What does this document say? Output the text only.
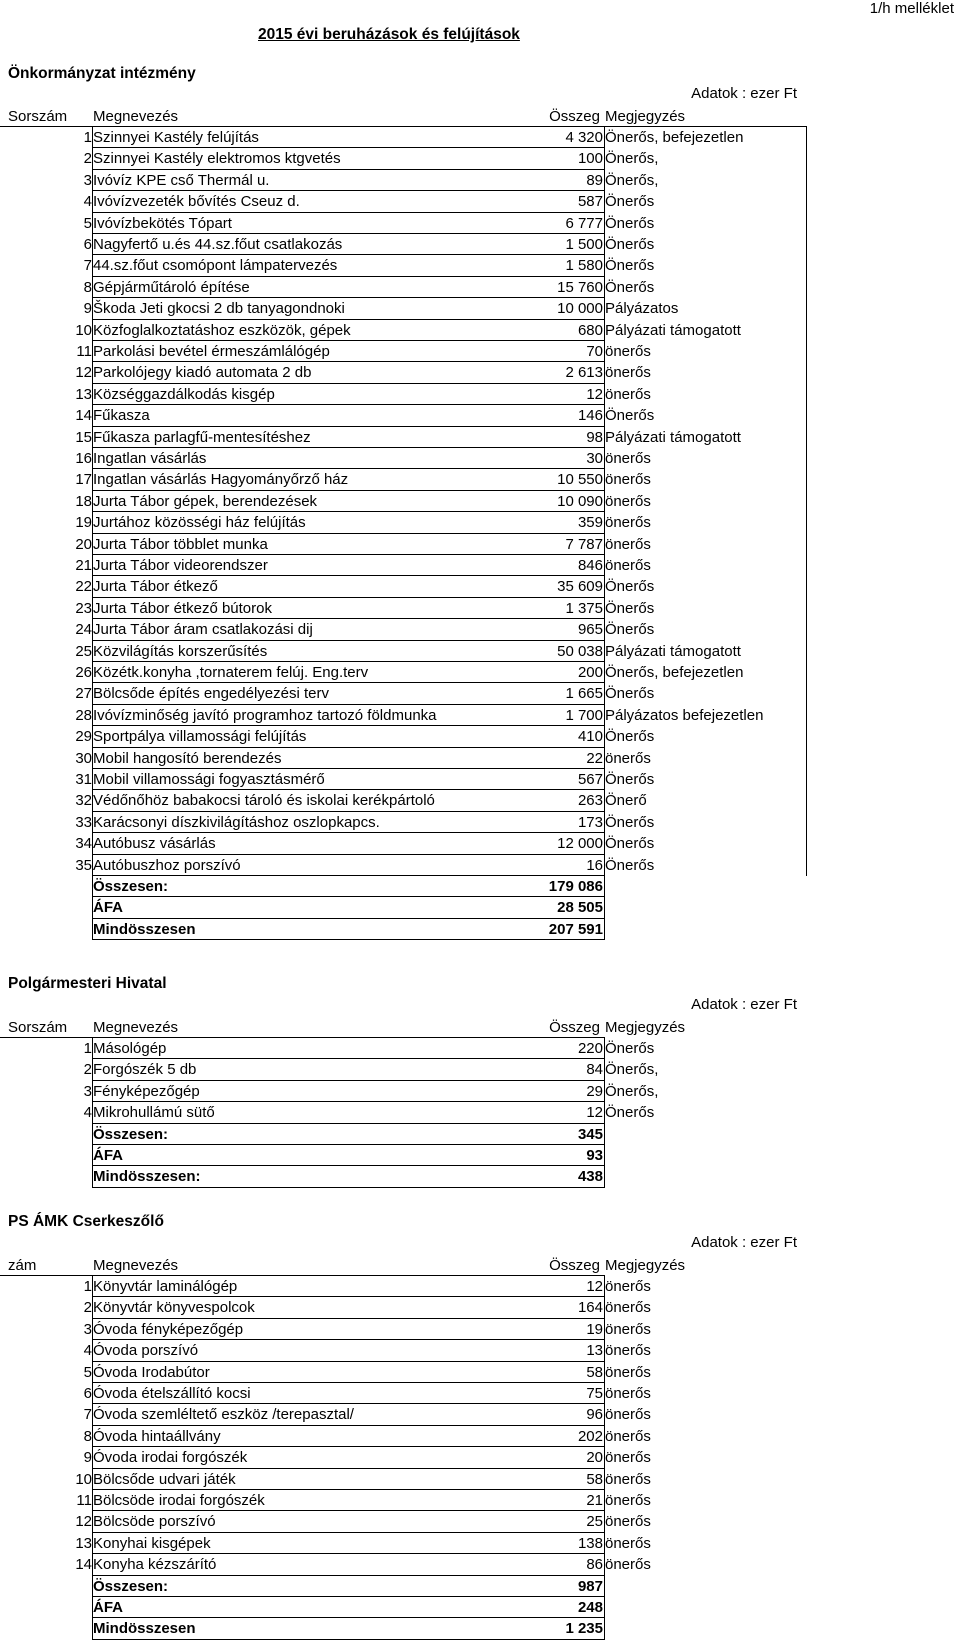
1/h melléklet
2015 évi beruházások és felújítások
Önkormányzat intézmény
Adatok : ezer Ft
Sorszám Megnevezés	Összeg Megjegyzés
1 Szinnyei Kastély felújítás	4 320 Önerős, befejezetlen
2 Szinnyei Kastély elektromos ktgvetés	100 Önerős,
3 Ivóvíz KPE cső Thermál u.	89 Önerős,
4 Ivóvízvezeték bővítés Cseuz d.	587 Önerős
5 Ivóvízbekötés Tópart	6 777 Önerős
6 Nagyfertő u.és 44.sz.főut csatlakozás	1 500 Önerős
7 44.sz.főut csomópont lámpatervezés	1 580 Önerős
8 Gépjárműtároló építése	15 760 Önerős
9 Škoda Jeti gkocsi 2 db tanyagondnoki	10 000 Pályázatos
10 Közfoglalkoztatáshoz eszközök, gépek	680 Pályázati támogatott
11 Parkolási bevétel érmeszámlálógép	70 önerős
12 Parkolójegy kiadó automata 2 db	2 613 önerős
13 Községgazdálkodás kisgép	12 önerős
14 Fűkasza	146 Önerős
15 Fűkasza parlagfű-mentesítéshez	98 Pályázati támogatott
16 Ingatlan vásárlás	30 önerős
17 Ingatlan vásárlás Hagyományőrző ház	10 550 önerős
18 Jurta Tábor gépek, berendezések	10 090 önerős
19 Jurtához közösségi ház felújítás	359 önerős
20 Jurta Tábor többlet munka	7 787 önerős
21 Jurta Tábor videorendszer	846 önerős
22 Jurta Tábor étkező	35 609 Önerős
23 Jurta Tábor étkező bútorok	1 375 Önerős
24 Jurta Tábor áram csatlakozási dij	965 Önerős
25 Közvilágítás korszerűsítés	50 038 Pályázati támogatott
26 Közétk.konyha ,tornaterem felúj. Eng.terv	200 Önerős, befejezetlen
27 Bölcsőde építés engedélyezési terv	1 665 Önerős
28 Ivóvízminőség javító programhoz tartozó földmunka	1 700 Pályázatos befejezetlen
29 Sportpálya villamossági felújítás	410 Önerős
30 Mobil hangosító berendezés	22 önerős
31 Mobil villamossági fogyasztásmérő	567 Önerős
32 Védőnőhöz babakocsi tároló és iskolai kerékpártoló	263 Önerő
33 Karácsonyi díszkivilágításhoz oszlopkapcs.	173 Önerős
34 Autóbusz vásárlás	12 000 Önerős
35 Autóbuszhoz porszívó	16 Önerős
Összesen:	179 086
ÁFA	28 505
Mindösszesen	207 591
Polgármesteri Hivatal
Adatok : ezer Ft
Sorszám Megnevezés	Összeg Megjegyzés
1 Másológép	220 Önerős
2 Forgószék 5 db	84 Önerős,
3 Fényképezőgép	29 Önerős,
4 Mikrohullámú sütő	12 Önerős
Összesen:	345
ÁFA	93
Mindösszesen:	438
PS ÁMK Cserkeszőlő
Adatok : ezer Ft
zám	Megnevezés	Összeg Megjegyzés
1 Könyvtár laminálógép	12 önerős
2 Könyvtár könyvespolcok	164 önerős
3 Óvoda fényképezőgép	19 önerős
4 Óvoda porszívó	13 önerős
5 Óvoda Irodabútor	58 önerős
6 Óvoda ételszállító kocsi	75 önerős
7 Óvoda szemléltető eszköz /terepasztal/	96 önerős
8 Óvoda hintaállvány	202 önerős
9 Óvoda irodai forgószék	20 önerős
10 Bölcsőde udvari játék	58 önerős
11 Bölcsöde irodai forgószék	21 önerős
12 Bölcsöde porszívó	25 önerős
13 Konyhai kisgépek	138 önerős
14 Konyha kézszárító	86 önerős
Összesen:	987
ÁFA	248
Mindösszesen	1 235
